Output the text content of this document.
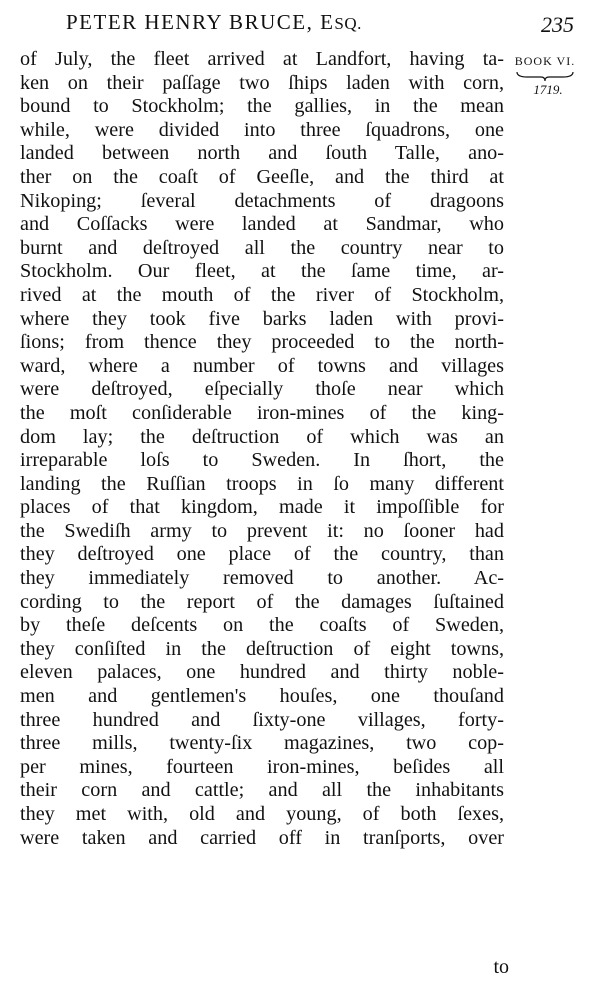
PETER HENRY BRUCE, ESQ.	235
BOOK VI.
1719.
of July, the fleet arrived at Landfort, having ta-
ken on their paſſage two ſhips laden with corn,
bound to Stockholm; the gallies, in the mean
while, were divided into three ſquadrons, one
landed between north and ſouth Talle, ano-
ther on the coaſt of Geeſle, and the third at
Nikoping; ſeveral detachments of dragoons
and Coſſacks were landed at Sandmar, who
burnt and deſtroyed all the country near to
Stockholm. Our fleet, at the ſame time, ar-
rived at the mouth of the river of Stockholm,
where they took five barks laden with provi-
ſions; from thence they proceeded to the north-
ward, where a number of towns and villages
were deſtroyed, eſpecially thoſe near which
the moſt conſiderable iron-mines of the king-
dom lay; the deſtruction of which was an
irreparable loſs to Sweden. In ſhort, the
landing the Ruſſian troops in ſo many different
places of that kingdom, made it impoſſible for
the Swediſh army to prevent it: no ſooner had
they deſtroyed one place of the country, than
they immediately removed to another. Ac-
cording to the report of the damages ſuſtained
by theſe deſcents on the coaſts of Sweden,
they conſiſted in the deſtruction of eight towns,
eleven palaces, one hundred and thirty noble-
men and gentlemen's houſes, one thouſand
three hundred and ſixty-one villages, forty-
three mills, twenty-ſix magazines, two cop-
per mines, fourteen iron-mines, beſides all
their corn and cattle; and all the inhabitants
they met with, old and young, of both ſexes,
were taken and carried off in tranſports, over
to
